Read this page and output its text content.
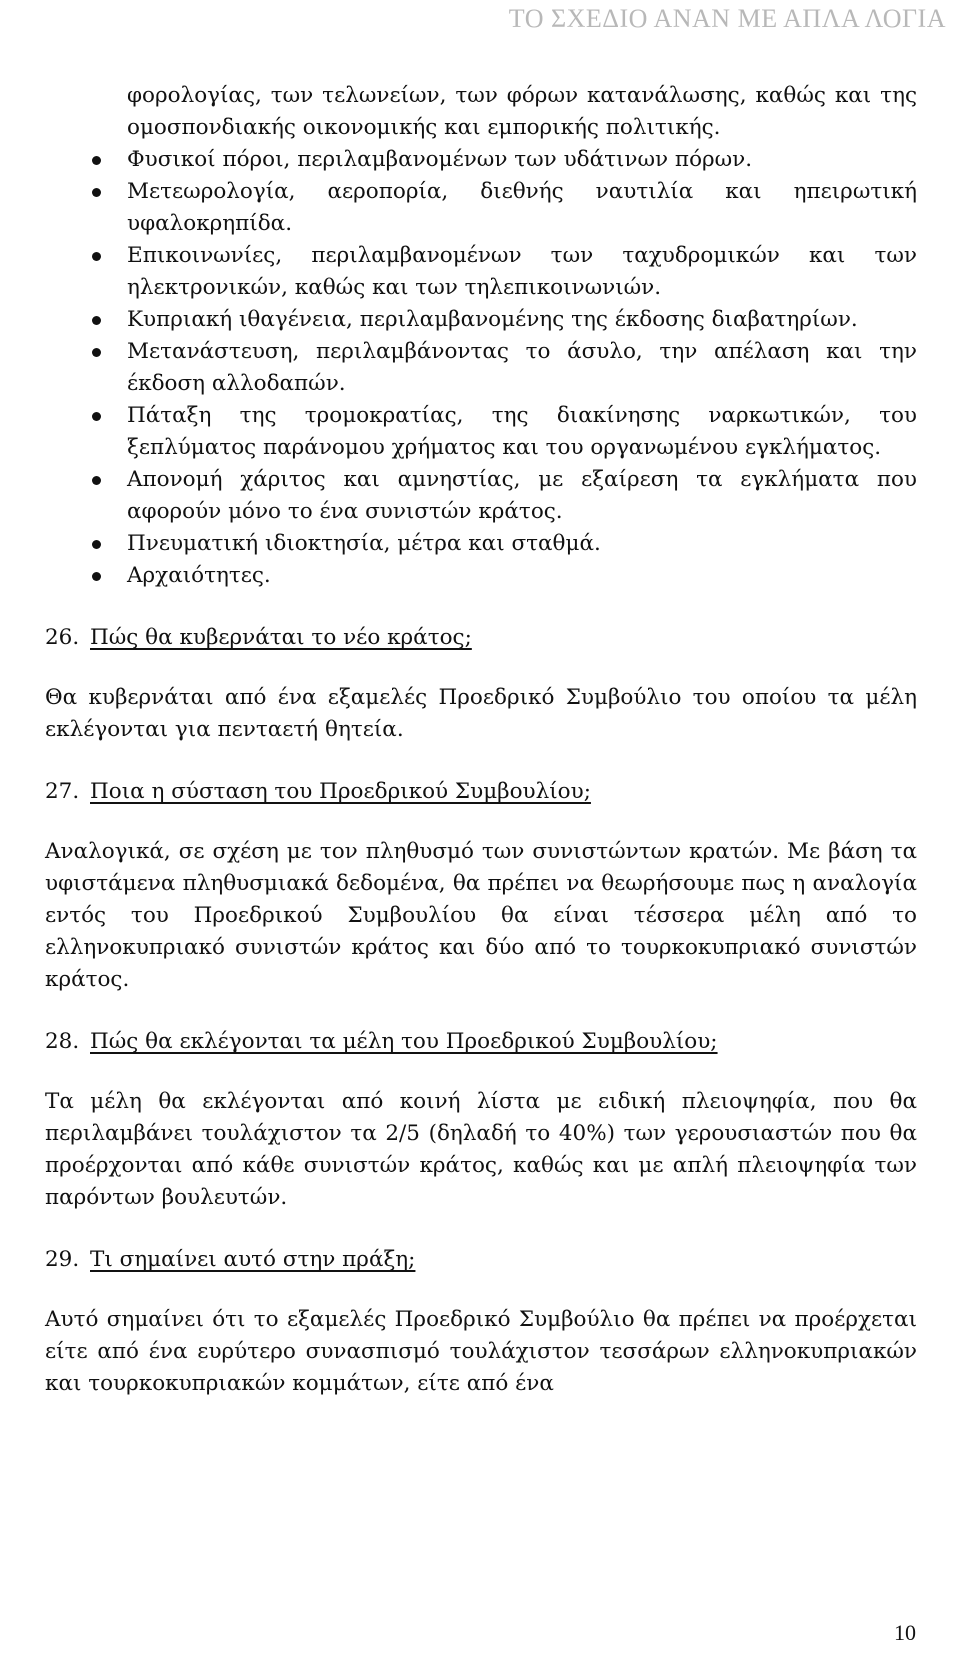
ΤΟ ΣΧΕΔΙΟ ΑΝΑΝ ΜΕ ΑΠΛΑ ΛΟΓΙΑ

φορολογίας, των τελωνείων, των φόρων κατανάλωσης, καθώς και της ομοσπονδιακής οικονομικής και εμπορικής πολιτικής.

Φυσικοί πόροι, περιλαμβανομένων των υδάτινων πόρων.
Μετεωρολογία, αεροπορία, διεθνής ναυτιλία και ηπειρωτική υφαλοκρηπίδα.
Επικοινωνίες, περιλαμβανομένων των ταχυδρομικών και των ηλεκτρονικών, καθώς και των τηλεπικοινωνιών.
Κυπριακή ιθαγένεια, περιλαμβανομένης της έκδοσης διαβατηρίων.
Μετανάστευση, περιλαμβάνοντας το άσυλο, την απέλαση και την έκδοση αλλοδαπών.
Πάταξη της τρομοκρατίας, της διακίνησης ναρκωτικών, του ξεπλύματος παράνομου χρήματος και του οργανωμένου εγκλήματος.
Απονομή χάριτος και αμνηστίας, με εξαίρεση τα εγκλήματα που αφορούν μόνο το ένα συνιστών κράτος.
Πνευματική ιδιοκτησία, μέτρα και σταθμά.
Αρχαιότητες.
26. Πώς θα κυβερνάται το νέο κράτος;

Θα κυβερνάται από ένα εξαμελές Προεδρικό Συμβούλιο του οποίου τα μέλη εκλέγονται για πενταετή θητεία.

27. Ποια η σύσταση του Προεδρικού Συμβουλίου;

Αναλογικά, σε σχέση με τον πληθυσμό των συνιστώντων κρατών. Με βάση τα υφιστάμενα πληθυσμιακά δεδομένα, θα πρέπει να θεωρήσουμε πως η αναλογία εντός του Προεδρικού Συμβουλίου θα είναι τέσσερα μέλη από το ελληνοκυπριακό συνιστών κράτος και δύο από το τουρκοκυπριακό συνιστών κράτος.

28. Πώς θα εκλέγονται τα μέλη του Προεδρικού Συμβουλίου;

Τα μέλη θα εκλέγονται από κοινή λίστα με ειδική πλειοψηφία, που θα περιλαμβάνει τουλάχιστον τα 2/5 (δηλαδή το 40%) των γερουσιαστών που θα προέρχονται από κάθε συνιστών κράτος, καθώς και με απλή πλειοψηφία των παρόντων βουλευτών.

29. Τι σημαίνει αυτό στην πράξη;

Αυτό σημαίνει ότι το εξαμελές Προεδρικό Συμβούλιο θα πρέπει να προέρχεται είτε από ένα ευρύτερο συνασπισμό τουλάχιστον τεσσάρων ελληνοκυπριακών και τουρκοκυπριακών κομμάτων, είτε από ένα

10
